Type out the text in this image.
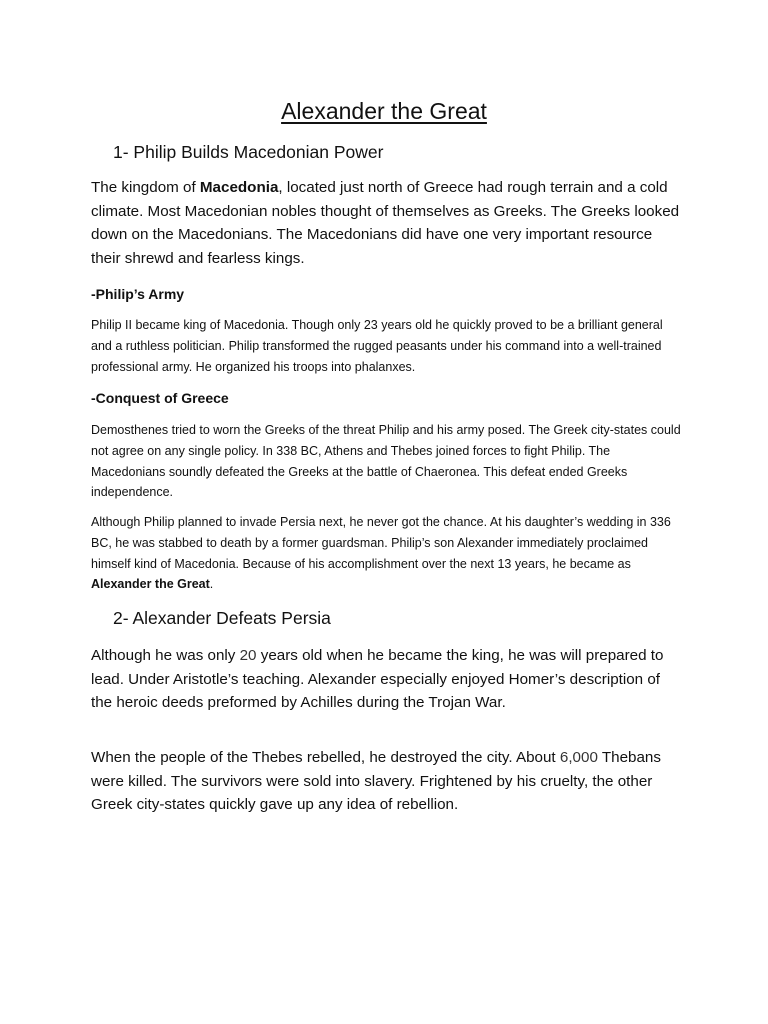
Alexander the Great
1- Philip Builds Macedonian Power

The kingdom of Macedonia, located just north of Greece had rough terrain and a cold climate. Most Macedonian nobles thought of themselves as Greeks. The Greeks looked down on the Macedonians. The Macedonians did have one very important resource their shrewd and fearless kings.

-Philip’s Army

Philip II became king of Macedonia. Though only 23 years old he quickly proved to be a brilliant general and a ruthless politician. Philip transformed the rugged peasants under his command into a well-trained professional army. He organized his troops into phalanxes.

-Conquest of Greece

Demosthenes tried to worn the Greeks of the threat Philip and his army posed. The Greek city-states could not agree on any single policy. In 338 BC, Athens and Thebes joined forces to fight Philip. The Macedonians soundly defeated the Greeks at the battle of Chaeronea. This defeat ended Greeks independence.

Although Philip planned to invade Persia next, he never got the chance. At his daughter’s wedding in 336 BC, he was stabbed to death by a former guardsman. Philip’s son Alexander immediately proclaimed himself kind of Macedonia. Because of his accomplishment over the next 13 years, he became as Alexander the Great.

2- Alexander Defeats Persia

Although he was only 20 years old when he became the king, he was will prepared to lead. Under Aristotle’s teaching. Alexander especially enjoyed Homer’s description of the heroic deeds preformed by Achilles during the Trojan War.

When the people of the Thebes rebelled, he destroyed the city. About 6,000 Thebans were killed. The survivors were sold into slavery. Frightened by his cruelty, the other Greek city-states quickly gave up any idea of rebellion.
